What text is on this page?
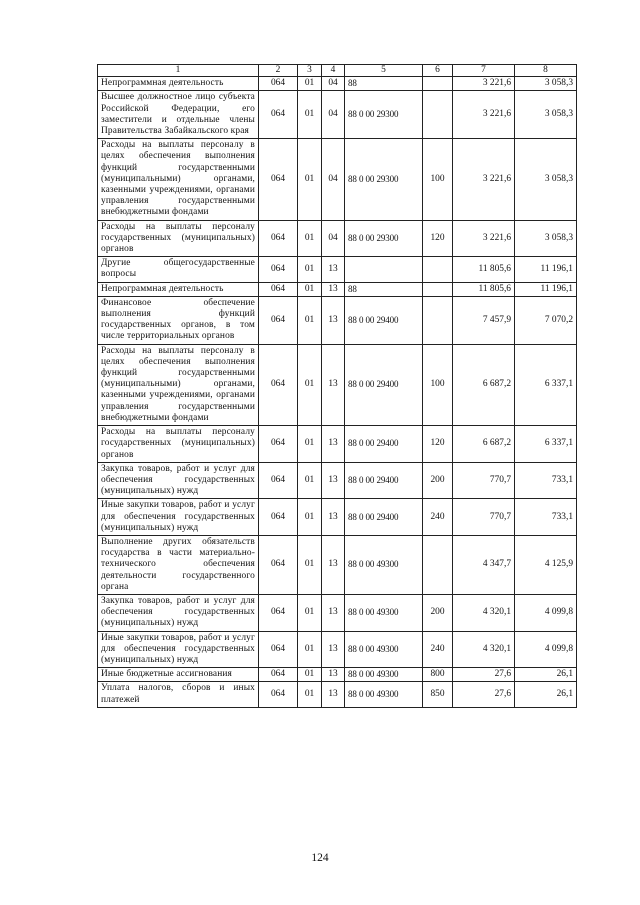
1	2	3	4	5	6	7	8
Непрограммная деятельность	064	01	04	88		3 221,6	3 058,3
Высшее должностное лицо субъекта Российской Федерации, его заместители и отдельные члены Правительства Забайкальского края	064	01	04	88 0 00 29300		3 221,6	3 058,3
Расходы на выплаты персоналу в целях обеспечения выполнения функций государственными (муниципальными) органами, казенными учреждениями, органами управления государственными внебюджетными фондами	064	01	04	88 0 00 29300	100	3 221,6	3 058,3
Расходы на выплаты персоналу государственных (муниципальных) органов	064	01	04	88 0 00 29300	120	3 221,6	3 058,3
Другие общегосударственные вопросы	064	01	13			11 805,6	11 196,1
Непрограммная деятельность	064	01	13	88		11 805,6	11 196,1
Финансовое обеспечение выполнения функций государственных органов, в том числе территориальных органов	064	01	13	88 0 00 29400		7 457,9	7 070,2
Расходы на выплаты персоналу в целях обеспечения выполнения функций государственными (муниципальными) органами, казенными учреждениями, органами управления государственными внебюджетными фондами	064	01	13	88 0 00 29400	100	6 687,2	6 337,1
Расходы на выплаты персоналу государственных (муниципальных) органов	064	01	13	88 0 00 29400	120	6 687,2	6 337,1
Закупка товаров, работ и услуг для обеспечения государственных (муниципальных) нужд	064	01	13	88 0 00 29400	200	770,7	733,1
Иные закупки товаров, работ и услуг для обеспечения государственных (муниципальных) нужд	064	01	13	88 0 00 29400	240	770,7	733,1
Выполнение других обязательств государства в части материально-технического обеспечения деятельности государственного органа	064	01	13	88 0 00 49300		4 347,7	4 125,9
Закупка товаров, работ и услуг для обеспечения государственных (муниципальных) нужд	064	01	13	88 0 00 49300	200	4 320,1	4 099,8
Иные закупки товаров, работ и услуг для обеспечения государственных (муниципальных) нужд	064	01	13	88 0 00 49300	240	4 320,1	4 099,8
Иные бюджетные ассигнования	064	01	13	88 0 00 49300	800	27,6	26,1
Уплата налогов, сборов и иных платежей	064	01	13	88 0 00 49300	850	27,6	26,1
124
